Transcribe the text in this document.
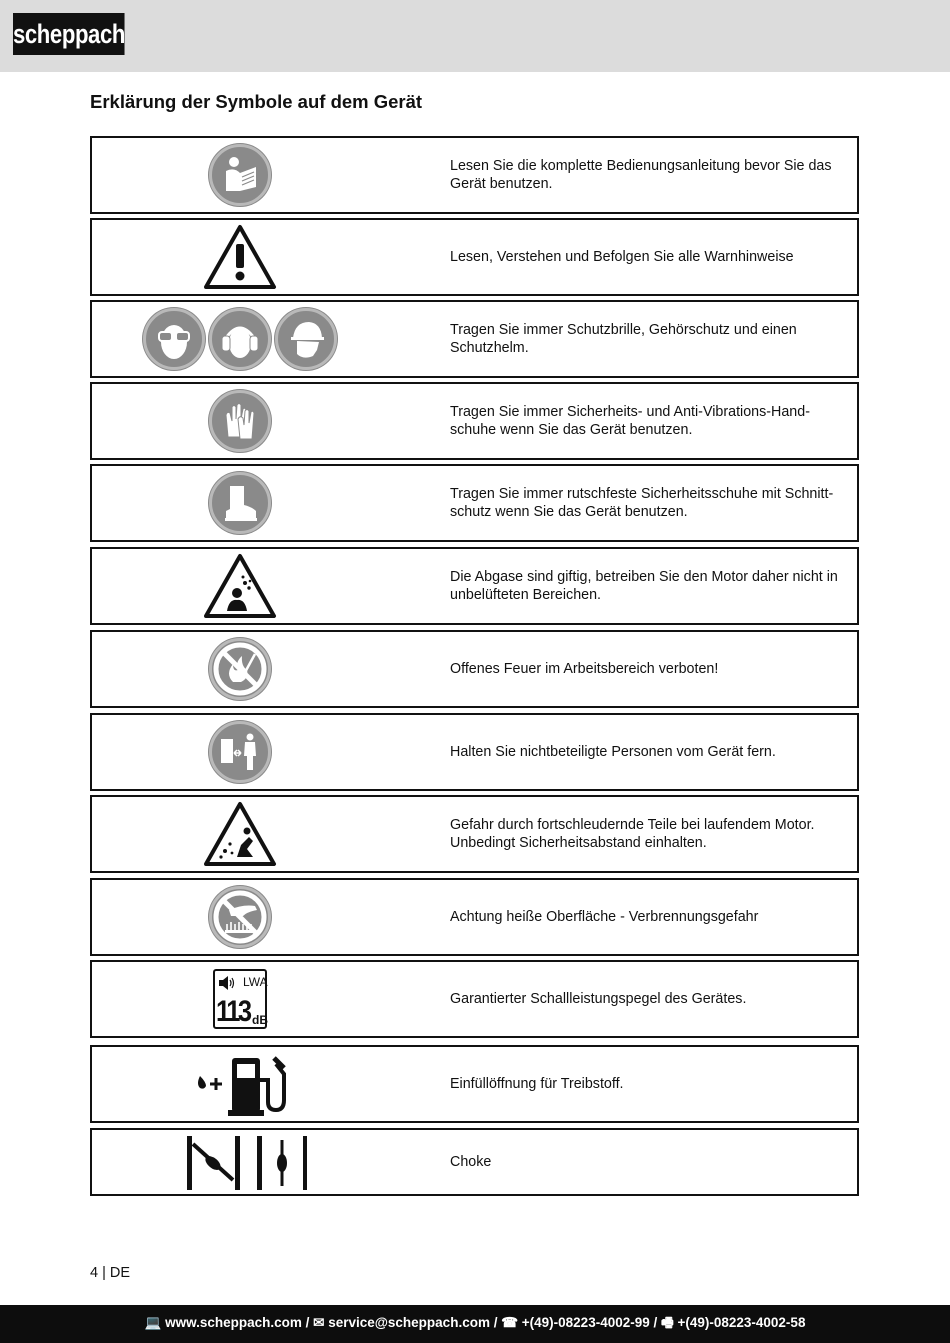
scheppach
Erklärung der Symbole auf dem Gerät
Lesen Sie die komplette Bedienungsanleitung bevor Sie das
Gerät benutzen.
Lesen, Verstehen und Befolgen Sie alle Warnhinweise
Tragen Sie immer Schutzbrille, Gehörschutz und einen
Schutzhelm.
Tragen Sie immer Sicherheits- und Anti-Vibrations-Hand-
schuhe wenn Sie das Gerät benutzen.
Tragen Sie immer rutschfeste Sicherheitsschuhe mit Schnitt-
schutz wenn Sie das Gerät benutzen.
Die Abgase sind giftig, betreiben Sie den Motor daher nicht in
unbelüfteten Bereichen.
Offenes Feuer im Arbeitsbereich verboten!
Halten Sie nichtbeteiligte Personen vom Gerät fern.
Gefahr durch fortschleudernde Teile bei laufendem Motor.
Unbedingt Sicherheitsabstand einhalten.
Achtung heiße Oberfläche - Verbrennungsgefahr
LWA
113 dB
Garantierter Schallleistungspegel des Gerätes.
Einfüllöffnung für Treibstoff.
Choke
4 | DE
💻 www.scheppach.com / ✉ service@scheppach.com / ☎ +(49)-08223-4002-99 / 🖷 +(49)-08223-4002-58
